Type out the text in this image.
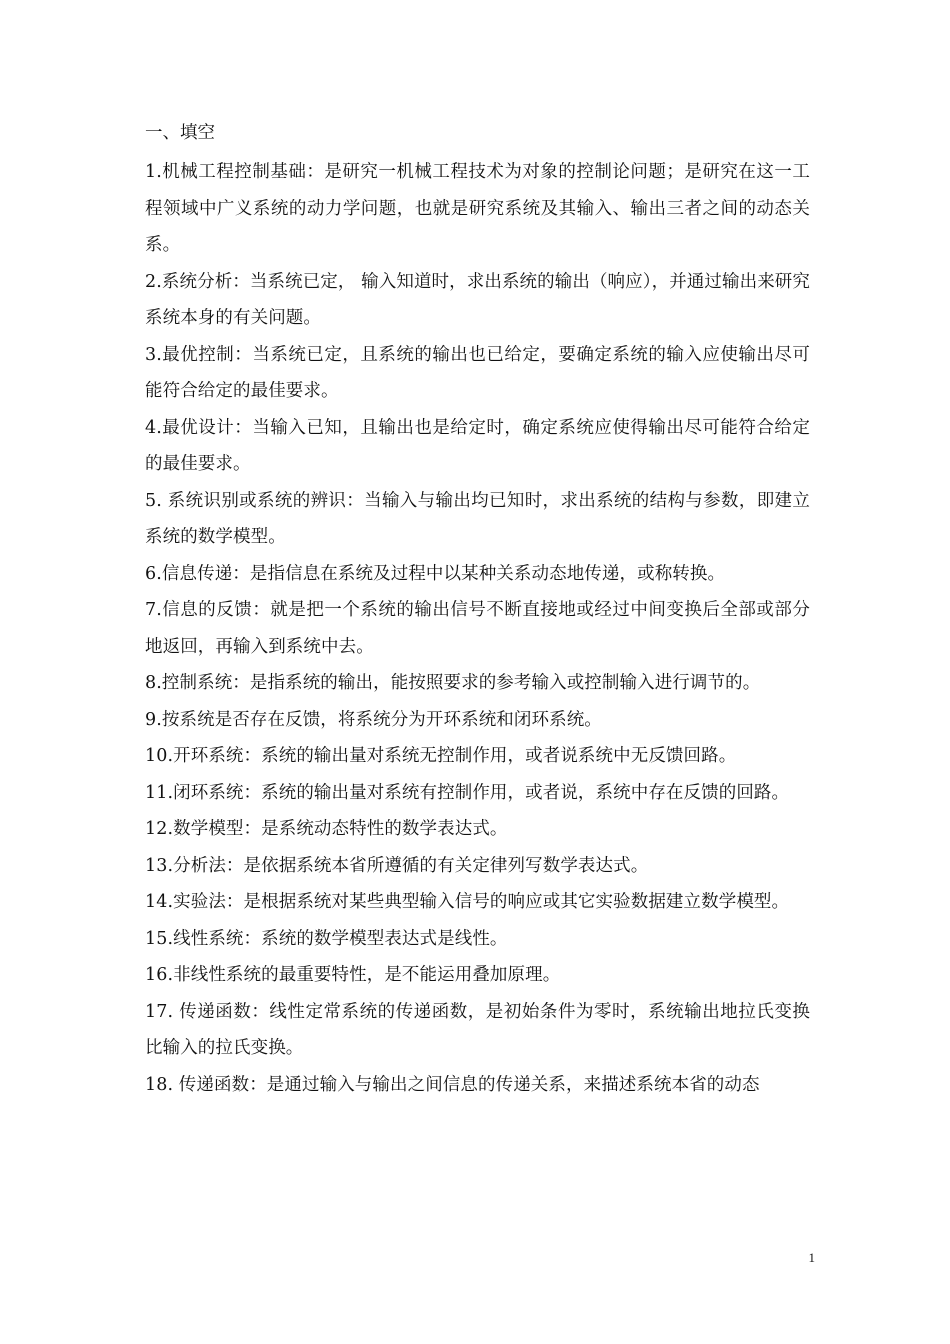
一、填空

1.机械工程控制基础：是研究一机械工程技术为对象的控制论问题；是研究在这一工程领域中广义系统的动力学问题，也就是研究系统及其输入、输出三者之间的动态关系。

2.系统分析：当系统已定， 输入知道时，求出系统的输出（响应），并通过输出来研究系统本身的有关问题。

3.最优控制：当系统已定，且系统的输出也已给定，要确定系统的输入应使输出尽可能符合给定的最佳要求。

4.最优设计：当输入已知，且输出也是给定时，确定系统应使得输出尽可能符合给定的最佳要求。

5. 系统识别或系统的辨识：当输入与输出均已知时，求出系统的结构与参数，即建立系统的数学模型。

6.信息传递：是指信息在系统及过程中以某种关系动态地传递，或称转换。

7.信息的反馈：就是把一个系统的输出信号不断直接地或经过中间变换后全部或部分地返回，再输入到系统中去。

8.控制系统：是指系统的输出，能按照要求的参考输入或控制输入进行调节的。

9.按系统是否存在反馈，将系统分为开环系统和闭环系统。

10.开环系统：系统的输出量对系统无控制作用，或者说系统中无反馈回路。

11.闭环系统：系统的输出量对系统有控制作用，或者说，系统中存在反馈的回路。

12.数学模型：是系统动态特性的数学表达式。

13.分析法：是依据系统本省所遵循的有关定律列写数学表达式。

14.实验法：是根据系统对某些典型输入信号的响应或其它实验数据建立数学模型。

15.线性系统：系统的数学模型表达式是线性。

16.非线性系统的最重要特性，是不能运用叠加原理。

17. 传递函数：线性定常系统的传递函数，是初始条件为零时，系统输出地拉氏变换比输入的拉氏变换。

18. 传递函数：是通过输入与输出之间信息的传递关系，来描述系统本省的动态

1
